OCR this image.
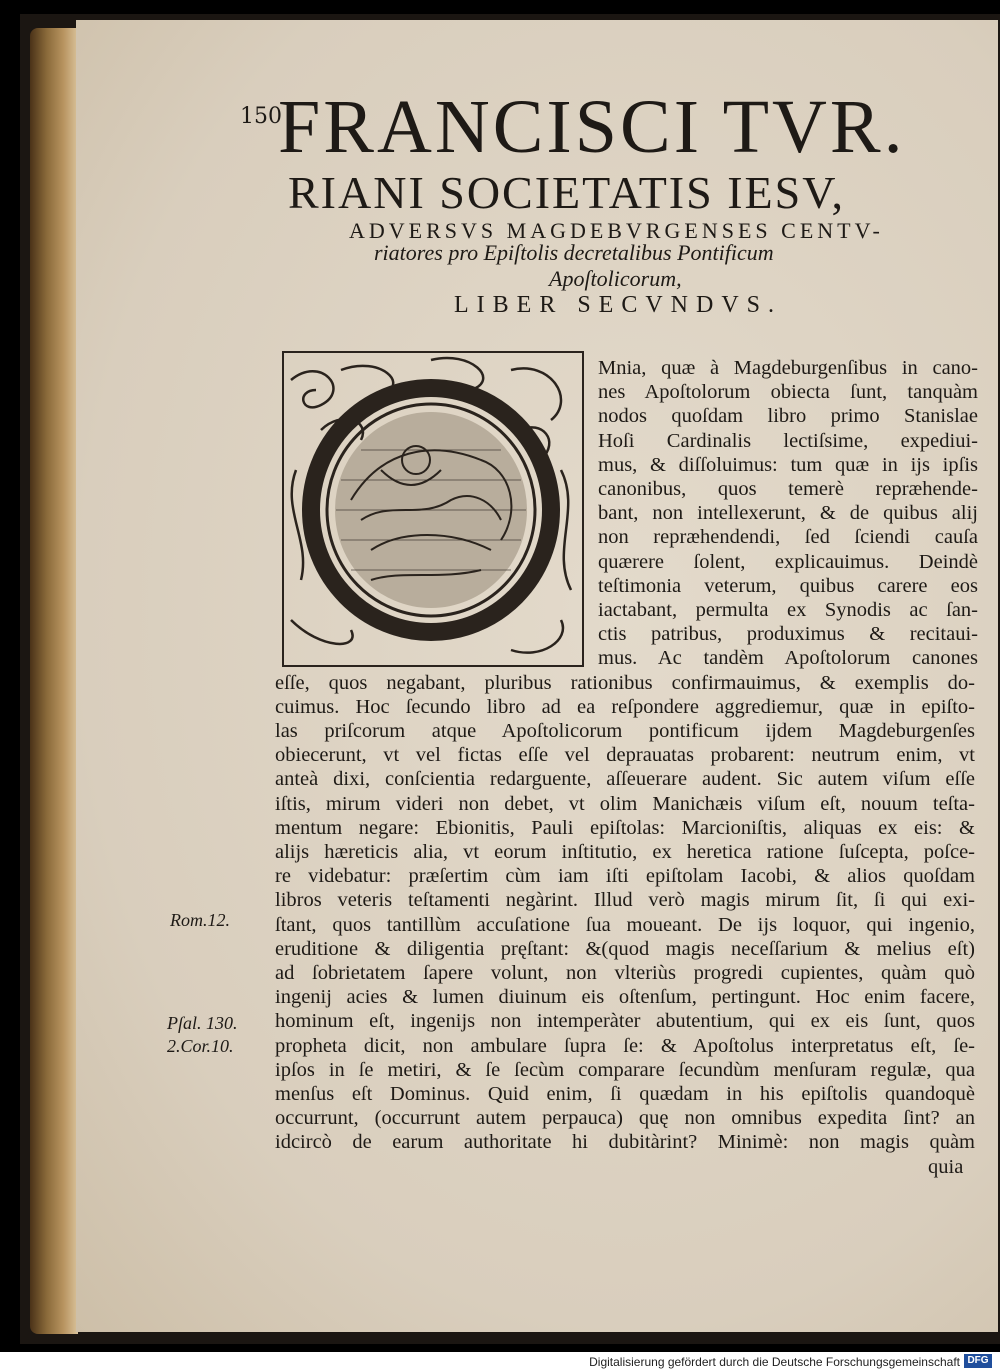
150
FRANCISCI TVR.
RIANI SOCIETATIS IESV,
ADVERSVS MAGDEBVRGENSES CENTV-
riatores pro Epiſtolis decretalibus Pontificum
Apoſtolicorum,
LIBER SECVNDVS.
Mnia, quæ à Magdeburgenſibus in cano-
nes Apoſtolorum obiecta ſunt, tanquàm
nodos quoſdam libro primo Stanislae
Hoſi Cardinalis lectiſsime, expediui-
mus, & diſſoluimus: tum quæ in ijs ipſis
canonibus, quos temerè repræhende-
bant, non intellexerunt, & de quibus alij
non repræhendendi, ſed ſciendi cauſa
quærere ſolent, explicauimus. Deindè
teſtimonia veterum, quibus carere eos
iactabant, permulta ex Synodis ac ſan-
ctis patribus, produximus & recitaui-
mus. Ac tandèm Apoſtolorum canones
eſſe, quos negabant, pluribus rationibus confirmauimus, & exemplis do-
cuimus. Hoc ſecundo libro ad ea reſpondere aggrediemur, quæ in epiſto-
las priſcorum atque Apoſtolicorum pontificum ijdem Magdeburgenſes
obiecerunt, vt vel fictas eſſe vel deprauatas probarent: neutrum enim, vt
anteà dixi, conſcientia redarguente, aſſeuerare audent. Sic autem viſum eſſe
iſtis, mirum videri non debet, vt olim Manichæis viſum eſt, nouum teſta-
mentum negare: Ebionitis, Pauli epiſtolas: Marcioniſtis, aliquas ex eis: &
alijs hæreticis alia, vt eorum inſtitutio, ex heretica ratione ſuſcepta, poſce-
re videbatur: præſertim cùm iam iſti epiſtolam Iacobi, & alios quoſdam
libros veteris teſtamenti negàrint. Illud verò magis mirum ſit, ſi qui exi-
ſtant, quos tantillùm accuſatione ſua moueant. De ijs loquor, qui ingenio,
eruditione & diligentia pręſtant: &(quod magis neceſſarium & melius eſt)
ad ſobrietatem ſapere volunt, non vlteriùs progredi cupientes, quàm quò
ingenij acies & lumen diuinum eis oſtenſum, pertingunt. Hoc enim facere,
hominum eſt, ingenijs non intemperàter abutentium, qui ex eis ſunt, quos
propheta dicit, non ambulare ſupra ſe: & Apoſtolus interpretatus eſt, ſe-
ipſos in ſe metiri, & ſe ſecùm comparare ſecundùm menſuram regulæ, qua
menſus eſt Dominus. Quid enim, ſi quædam in his epiſtolis quandoquè
occurrunt, (occurrunt autem perpauca) quę non omnibus expedita ſint? an
idcircò de earum authoritate hi dubitàrint? Minimè: non magis quàm
quia
Rom.12.
Pſal. 130.
2.Cor.10.
Digitalisierung gefördert durch die Deutsche Forschungsgemeinschaft DFG
